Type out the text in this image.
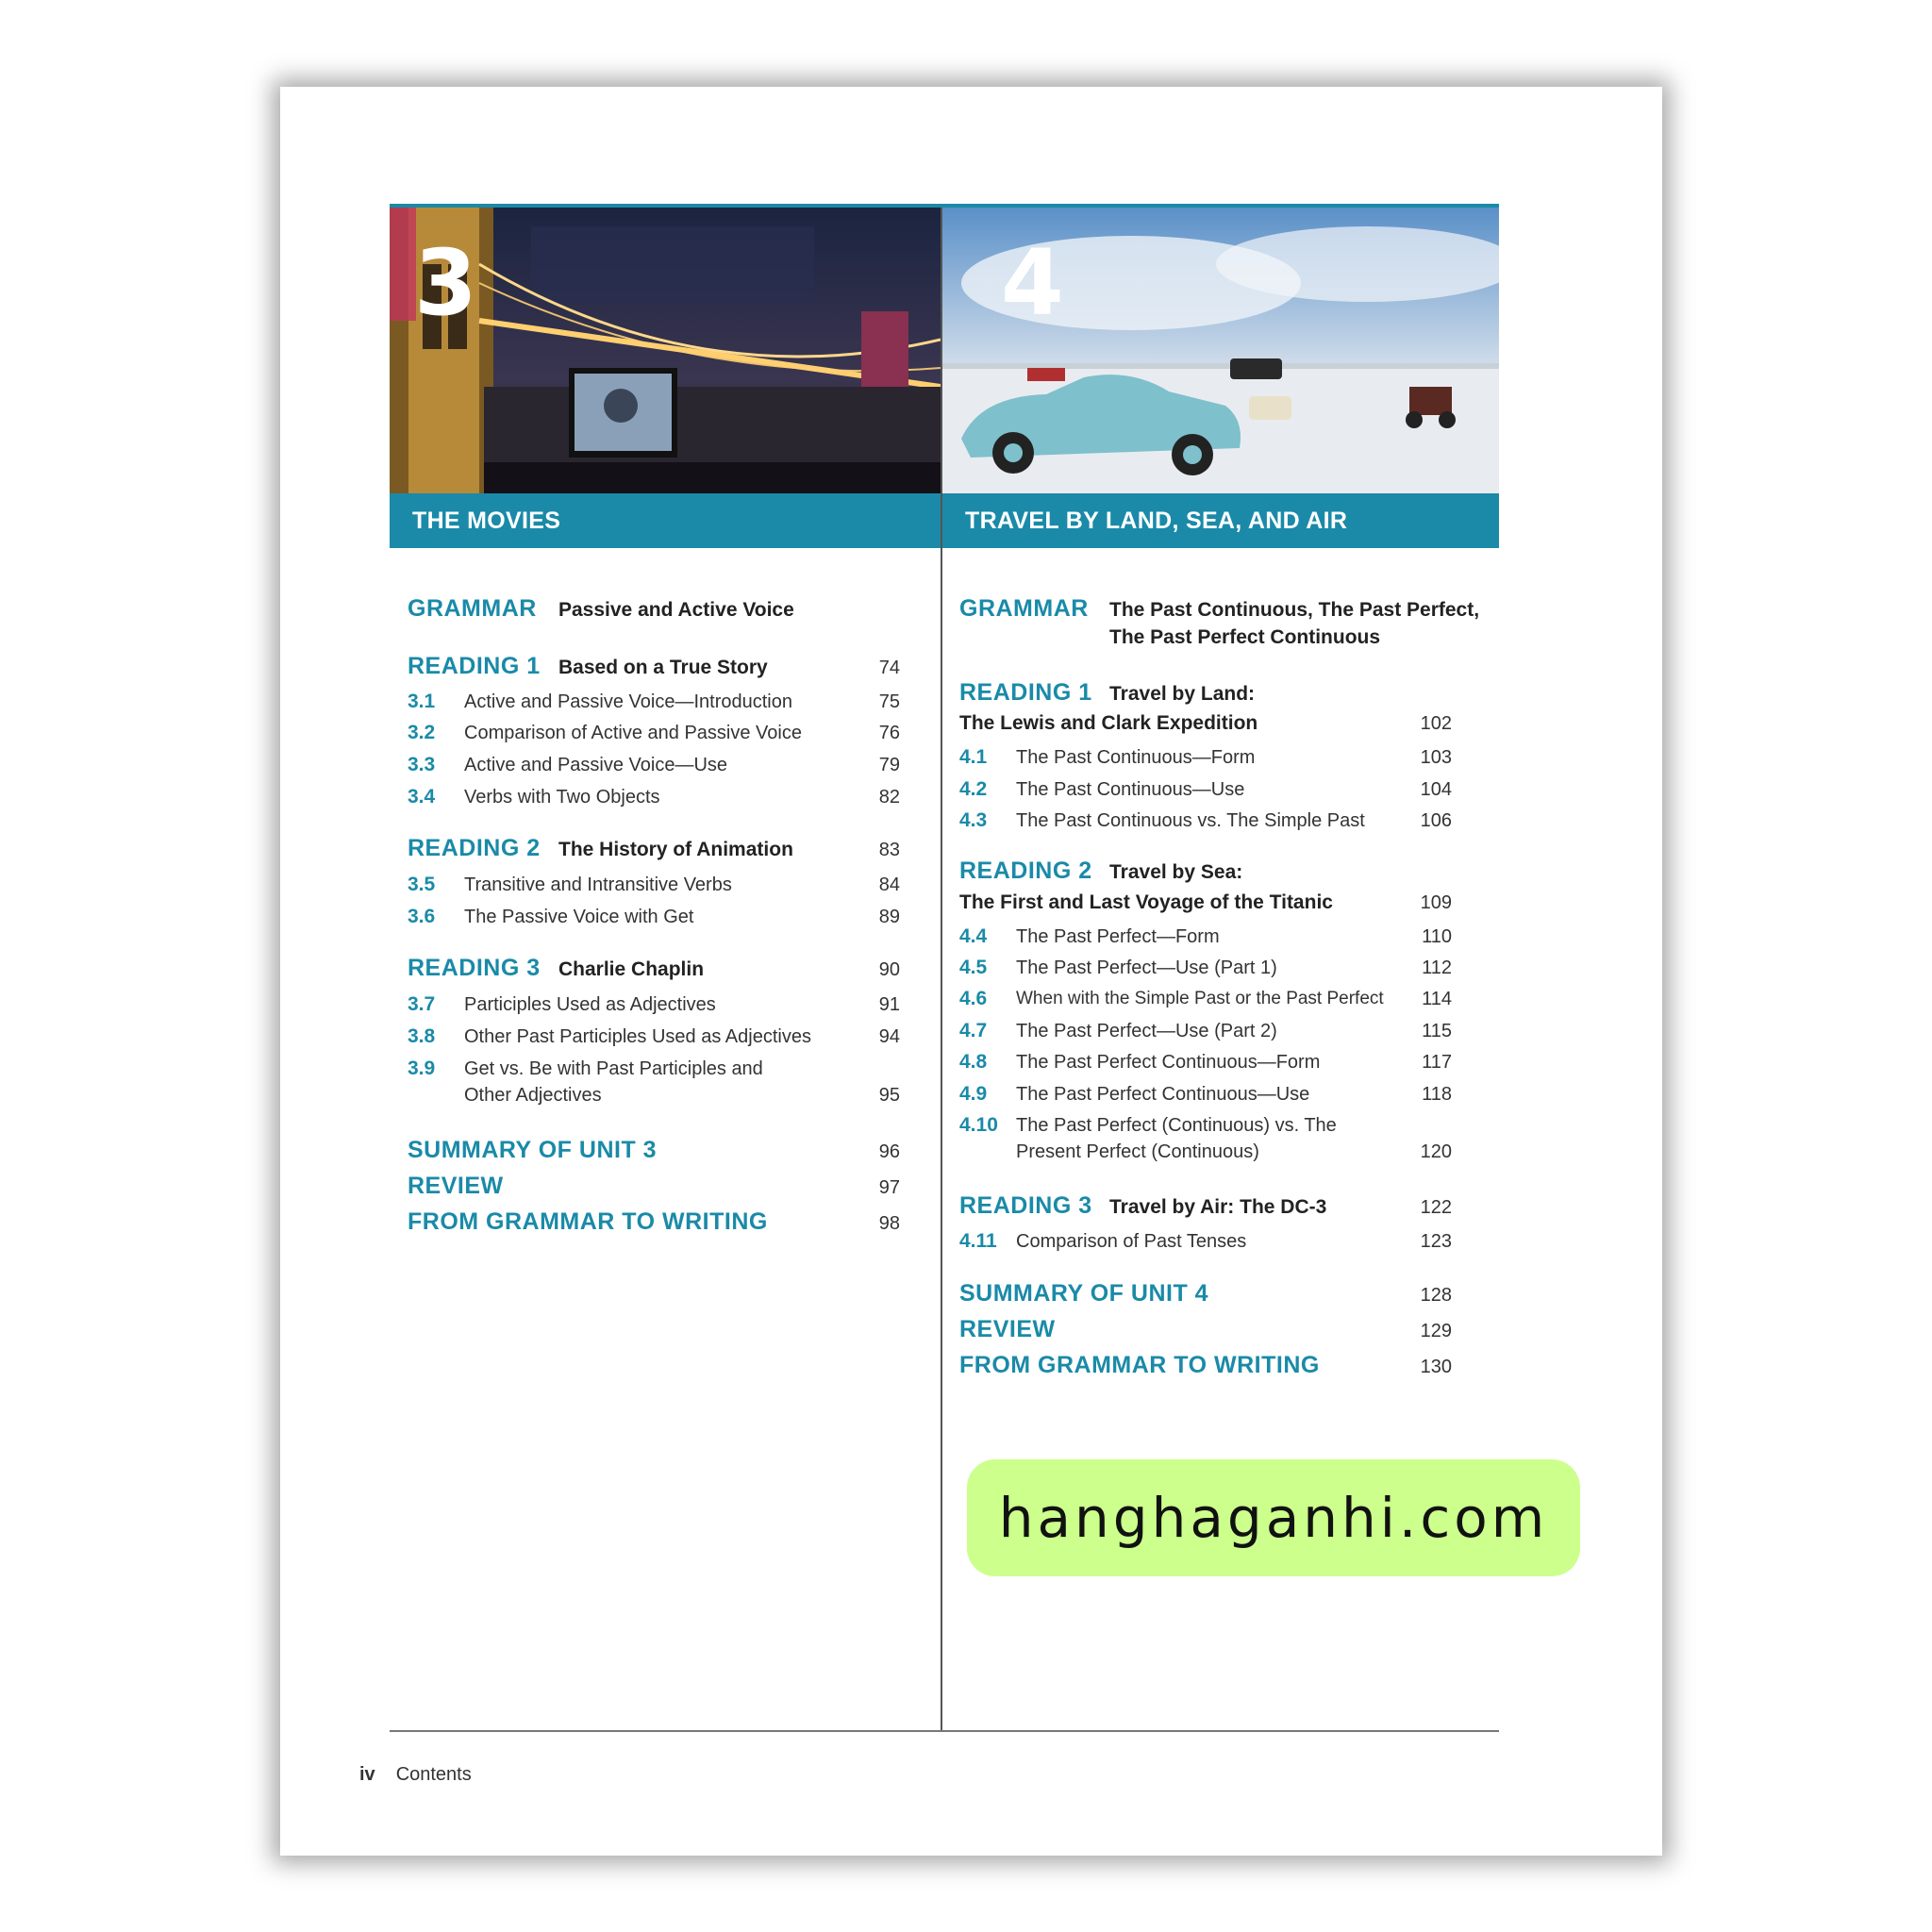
3	4
THE MOVIES	TRAVEL BY LAND, SEA, AND AIR
GRAMMAR Passive and Active Voice
READING 1 Based on a True Story	74
3.1 Active and Passive Voice—Introduction	75
3.2 Comparison of Active and Passive Voice	76
3.3 Active and Passive Voice—Use	79
3.4 Verbs with Two Objects	82
READING 2 The History of Animation	83
3.5 Transitive and Intransitive Verbs	84
3.6 The Passive Voice with Get	89
READING 3 Charlie Chaplin	90
3.7 Participles Used as Adjectives	91
3.8 Other Past Participles Used as Adjectives	94
3.9 Get vs. Be with Past Participles and
Other Adjectives	95
SUMMARY OF UNIT 3	96
REVIEW	97
FROM GRAMMAR TO WRITING	98
GRAMMAR The Past Continuous, The Past Perfect,
The Past Perfect Continuous
READING 1 Travel by Land:
The Lewis and Clark Expedition	102
4.1 The Past Continuous—Form	103
4.2 The Past Continuous—Use	104
4.3 The Past Continuous vs. The Simple Past	106
READING 2 Travel by Sea:
The First and Last Voyage of the Titanic	109
4.4 The Past Perfect—Form	110
4.5 The Past Perfect—Use (Part 1)	112
4.6 When with the Simple Past or the Past Perfect	114
4.7 The Past Perfect—Use (Part 2)	115
4.8 The Past Perfect Continuous—Form	117
4.9 The Past Perfect Continuous—Use	118
4.10 The Past Perfect (Continuous) vs. The
Present Perfect (Continuous)	120
READING 3 Travel by Air: The DC-3	122
4.11 Comparison of Past Tenses	123
SUMMARY OF UNIT 4	128
REVIEW	129
FROM GRAMMAR TO WRITING	130
iv Contents
hanghaganhi.com
